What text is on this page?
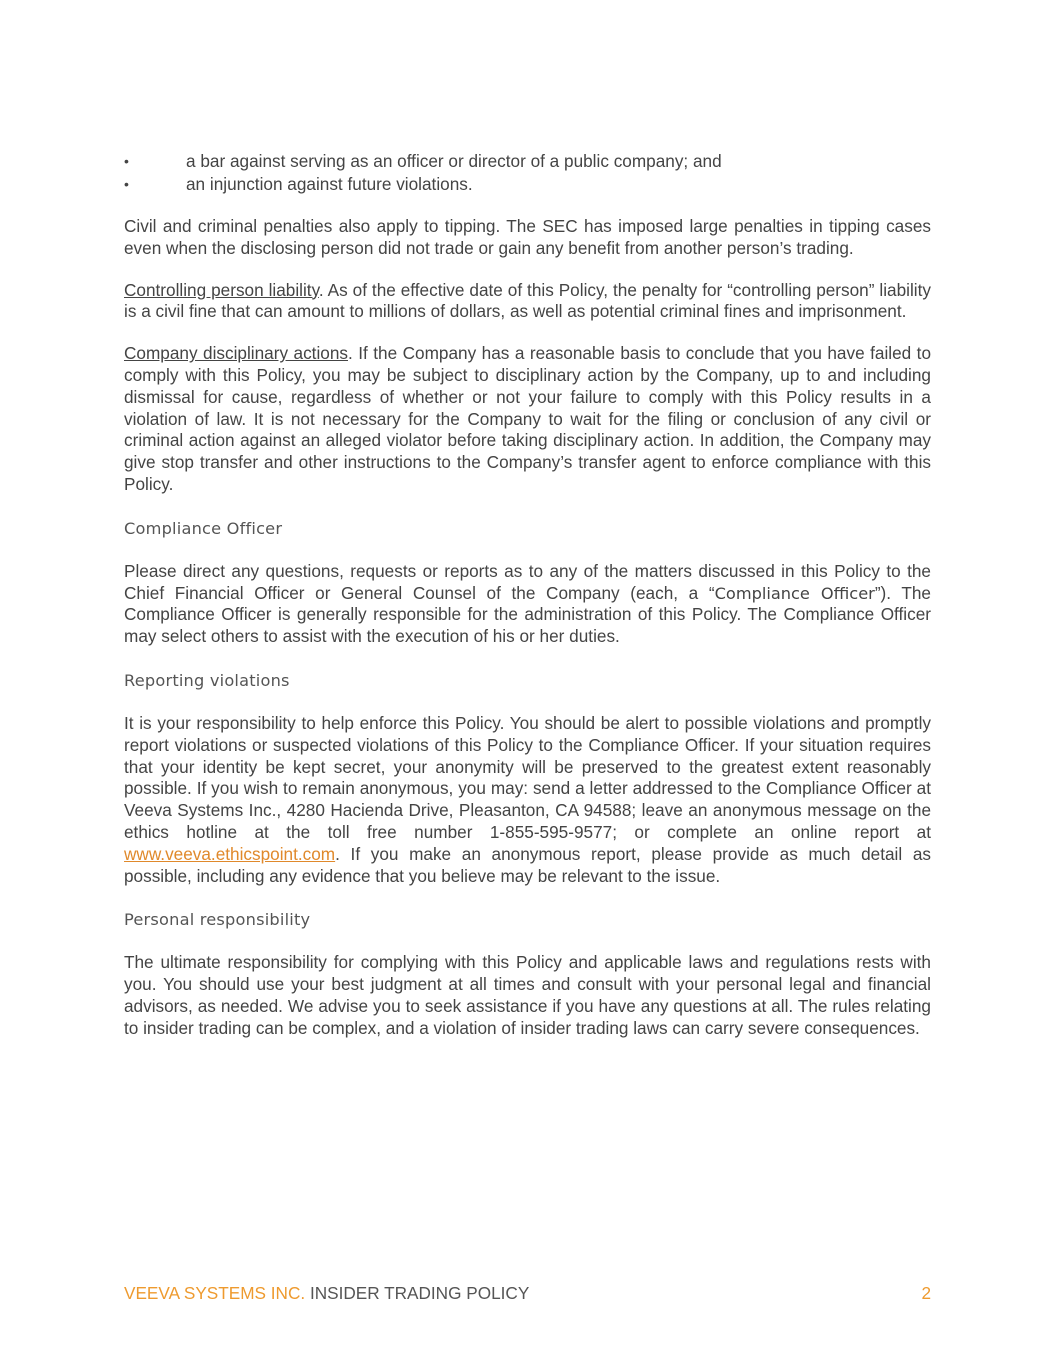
•	a bar against serving as an officer or director of a public company; and
•	an injunction against future violations.

Civil and criminal penalties also apply to tipping. The SEC has imposed large penalties in tipping cases even when the disclosing person did not trade or gain any benefit from another person’s trading.

Controlling person liability. As of the effective date of this Policy, the penalty for “controlling person” liability is a civil fine that can amount to millions of dollars, as well as potential criminal fines and imprisonment.

Company disciplinary actions. If the Company has a reasonable basis to conclude that you have failed to comply with this Policy, you may be subject to disciplinary action by the Company, up to and including dismissal for cause, regardless of whether or not your failure to comply with this Policy results in a violation of law. It is not necessary for the Company to wait for the filing or conclusion of any civil or criminal action against an alleged violator before taking disciplinary action. In addition, the Company may give stop transfer and other instructions to the Company’s transfer agent to enforce compliance with this Policy.

Compliance Officer

Please direct any questions, requests or reports as to any of the matters discussed in this Policy to the Chief Financial Officer or General Counsel of the Company (each, a “Compliance Officer”). The Compliance Officer is generally responsible for the administration of this Policy. The Compliance Officer may select others to assist with the execution of his or her duties.

Reporting violations

It is your responsibility to help enforce this Policy. You should be alert to possible violations and promptly report violations or suspected violations of this Policy to the Compliance Officer. If your situation requires that your identity be kept secret, your anonymity will be preserved to the greatest extent reasonably possible. If you wish to remain anonymous, you may: send a letter addressed to the Compliance Officer at Veeva Systems Inc., 4280 Hacienda Drive, Pleasanton, CA 94588; leave an anonymous message on the ethics hotline at the toll free number 1-855-595-9577; or complete an online report at www.veeva.ethicspoint.com. If you make an anonymous report, please provide as much detail as possible, including any evidence that you believe may be relevant to the issue.

Personal responsibility

The ultimate responsibility for complying with this Policy and applicable laws and regulations rests with you. You should use your best judgment at all times and consult with your personal legal and financial advisors, as needed. We advise you to seek assistance if you have any questions at all. The rules relating to insider trading can be complex, and a violation of insider trading laws can carry severe consequences.

VEEVA SYSTEMS INC. INSIDER TRADING POLICY	2
